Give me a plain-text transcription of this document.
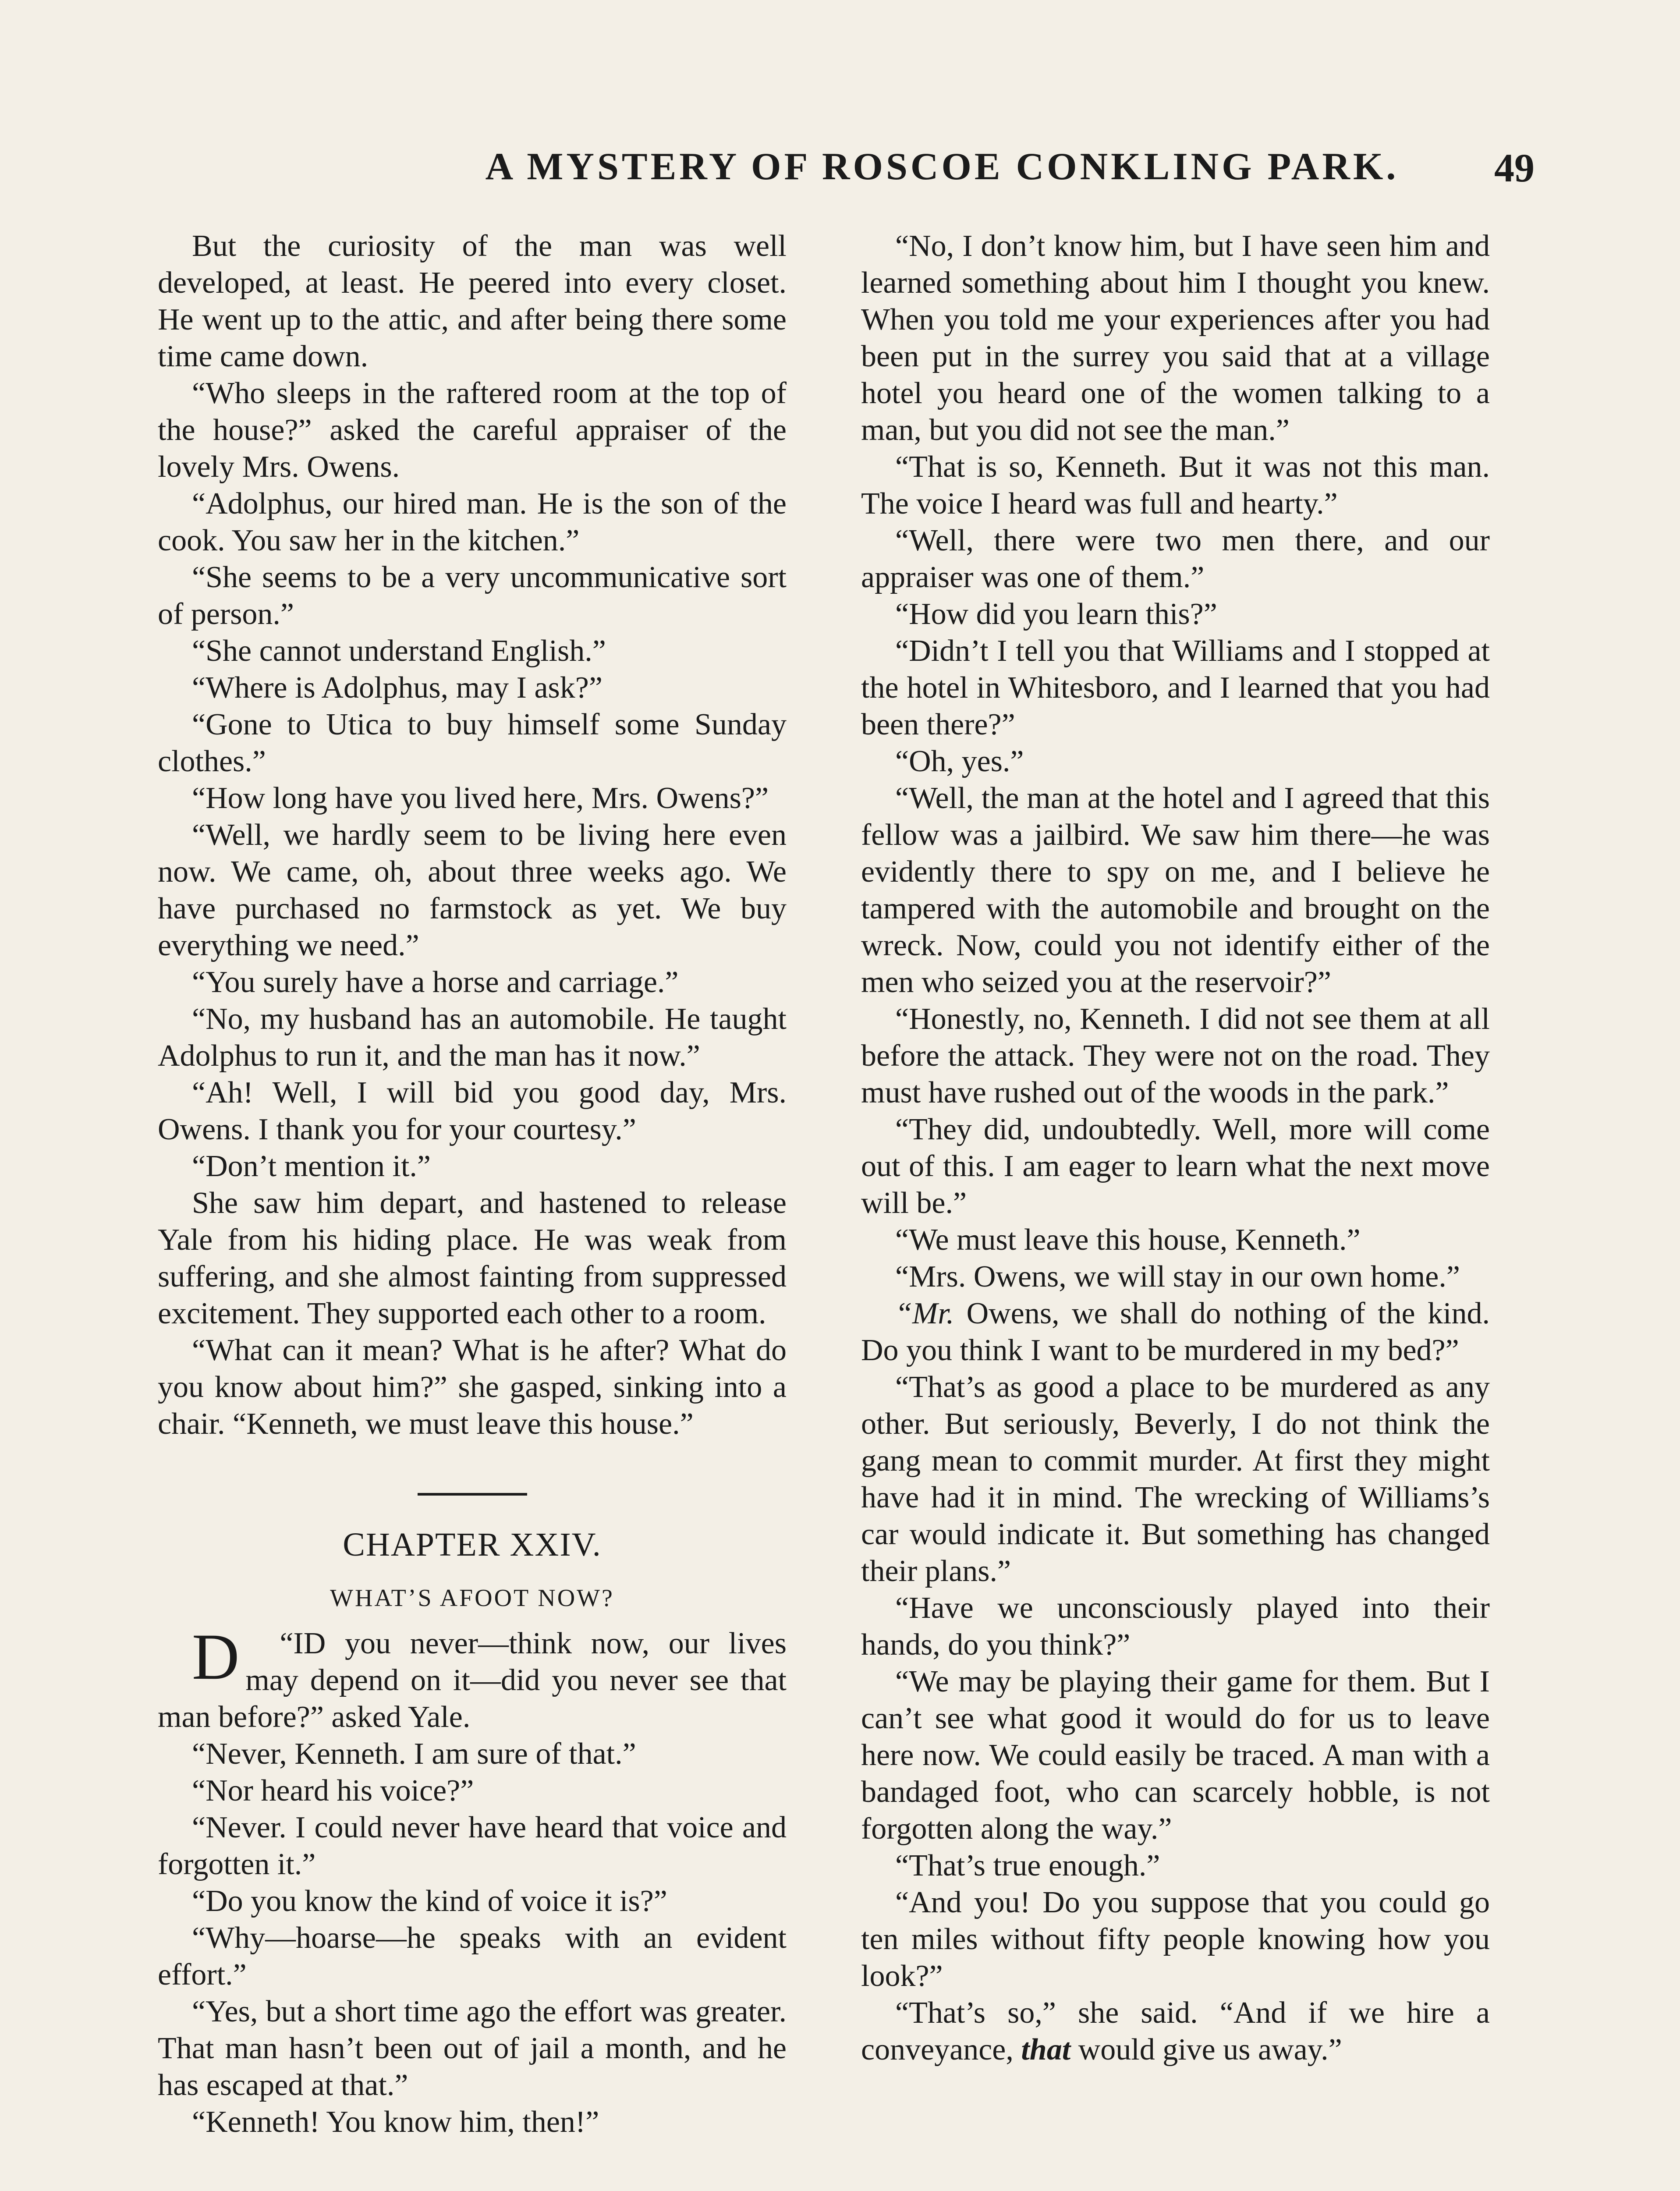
A MYSTERY OF ROSCOE CONKLING PARK.	49

But the curiosity of the man was well developed, at least. He peered into every closet. He went up to the attic, and after being there some time came down.

“Who sleeps in the raftered room at the top of the house?” asked the careful appraiser of the lovely Mrs. Owens.

“Adolphus, our hired man. He is the son of the cook. You saw her in the kitchen.”

“She seems to be a very uncommunicative sort of person.”

“She cannot understand English.”

“Where is Adolphus, may I ask?”

“Gone to Utica to buy himself some Sunday clothes.”

“How long have you lived here, Mrs. Owens?”

“Well, we hardly seem to be living here even now. We came, oh, about three weeks ago. We have purchased no farmstock as yet. We buy everything we need.”

“You surely have a horse and carriage.”

“No, my husband has an automobile. He taught Adolphus to run it, and the man has it now.”

“Ah! Well, I will bid you good day, Mrs. Owens. I thank you for your courtesy.”

“Don’t mention it.”

She saw him depart, and hastened to release Yale from his hiding place. He was weak from suffering, and she almost fainting from suppressed excitement. They supported each other to a room.

“What can it mean? What is he after? What do you know about him?” she gasped, sinking into a chair. “Kenneth, we must leave this house.”

CHAPTER XXIV.
WHAT’S AFOOT NOW?

“
D ID you never—think now, our lives may depend on it—did you never see that man before?” asked Yale.

“Never, Kenneth. I am sure of that.”

“Nor heard his voice?”

“Never. I could never have heard that voice and forgotten it.”

“Do you know the kind of voice it is?”

“Why—hoarse—he speaks with an evident effort.”

“Yes, but a short time ago the effort was greater. That man hasn’t been out of jail a month, and he has escaped at that.”

“Kenneth! You know him, then!”

“No, I don’t know him, but I have seen him and learned something about him I thought you knew. When you told me your experiences after you had been put in the surrey you said that at a village hotel you heard one of the women talking to a man, but you did not see the man.”

“That is so, Kenneth. But it was not this man. The voice I heard was full and hearty.”

“Well, there were two men there, and our appraiser was one of them.”

“How did you learn this?”

“Didn’t I tell you that Williams and I stopped at the hotel in Whitesboro, and I learned that you had been there?”

“Oh, yes.”

“Well, the man at the hotel and I agreed that this fellow was a jailbird. We saw him there—he was evidently there to spy on me, and I believe he tampered with the automobile and brought on the wreck. Now, could you not identify either of the men who seized you at the reservoir?”

“Honestly, no, Kenneth. I did not see them at all before the attack. They were not on the road. They must have rushed out of the woods in the park.”

“They did, undoubtedly. Well, more will come out of this. I am eager to learn what the next move will be.”

“We must leave this house, Kenneth.”

“Mrs. Owens, we will stay in our own home.”

“Mr. Owens, we shall do nothing of the kind. Do you think I want to be murdered in my bed?”

“That’s as good a place to be murdered as any other. But seriously, Beverly, I do not think the gang mean to commit murder. At first they might have had it in mind. The wrecking of Williams’s car would indicate it. But something has changed their plans.”

“Have we unconsciously played into their hands, do you think?”

“We may be playing their game for them. But I can’t see what good it would do for us to leave here now. We could easily be traced. A man with a bandaged foot, who can scarcely hobble, is not forgotten along the way.”

“That’s true enough.”

“And you! Do you suppose that you could go ten miles without fifty people knowing how you look?”

“That’s so,” she said. “And if we hire a conveyance, that would give us away.”
